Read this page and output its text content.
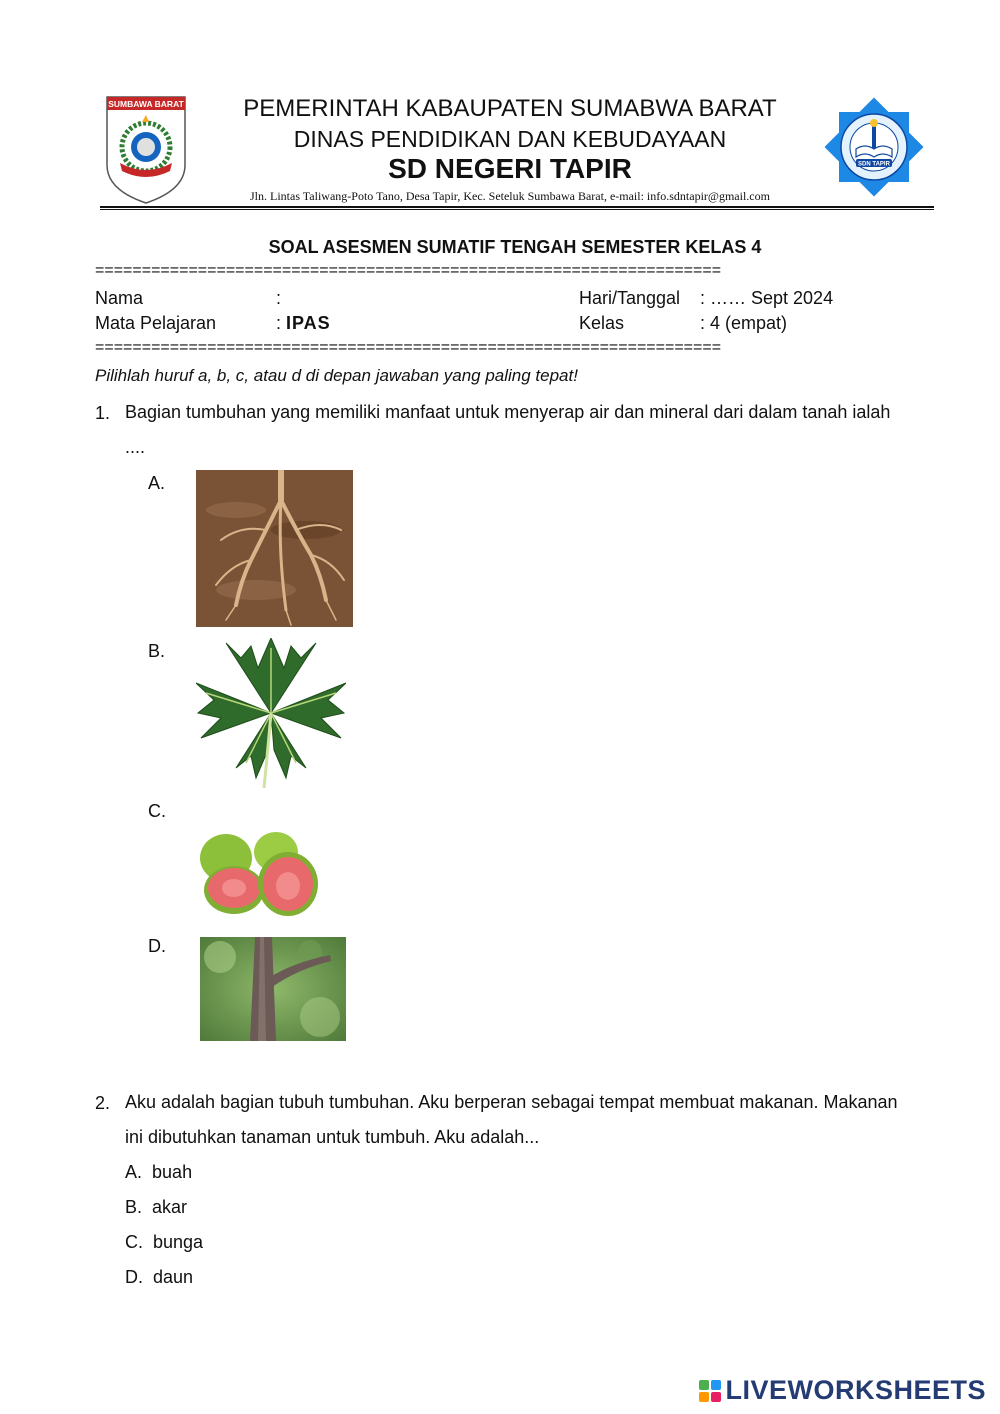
SUMBAWA BARAT	PEMERINTAH KABAUPATEN SUMABWA BARAT
DINAS PENDIDIKAN DAN KEBUDAYAAN
SD NEGERI TAPIR
Jln. Lintas Taliwang-Poto Tano, Desa Tapir, Kec. Seteluk Sumbawa Barat, e-mail: info.sdntapir@gmail.com
SDN TAPIR
SOAL ASESMEN SUMATIF TENGAH SEMESTER KELAS 4
===================================================================
Nama	:	Hari/Tanggal : …… Sept 2024
Mata Pelajaran	: IPAS	Kelas	: 4 (empat)
===================================================================
Pilihlah huruf a, b, c, atau d di depan jawaban yang paling tepat!
1. Bagian tumbuhan yang memiliki manfaat untuk menyerap air dan mineral dari dalam tanah ialah ....
A.
B.
C.
D.
2. Aku adalah bagian tubuh tumbuhan. Aku berperan sebagai tempat membuat makanan. Makanan ini dibutuhkan tanaman untuk tumbuh. Aku adalah...
A. buah
B. akar
C. bunga
D. daun
LIVEWORKSHEETS
